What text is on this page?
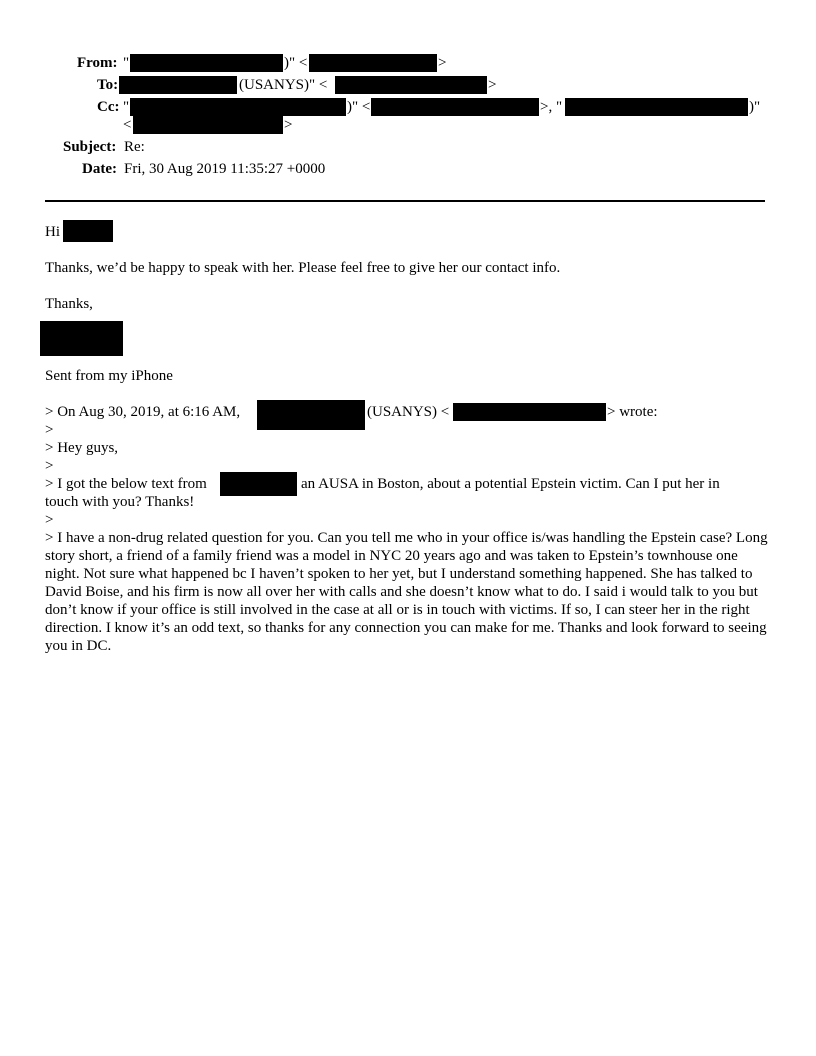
From: "	)" <	>
To:	(USANYS)" <	>
Cc: "	)" <	>, "	)"
<	>
Subject: Re:
Date: Fri, 30 Aug 2019 11:35:27 +0000
Hi
Thanks, we’d be happy to speak with her. Please feel free to give her our contact info.
Thanks,
Sent from my iPhone
> On Aug 30, 2019, at 6:16 AM,	(USANYS) <	> wrote:
>
> Hey guys,
>
> I got the below text from	an AUSA in Boston, about a potential Epstein victim. Can I put her in
touch with you? Thanks!
>
> I have a non-drug related question for you. Can you tell me who in your office is/was handling the Epstein case? Long story short, a friend of a family friend was a model in NYC 20 years ago and was taken to Epstein’s townhouse one night. Not sure what happened bc I haven’t spoken to her yet, but I understand something happened. She has talked to David Boise, and his firm is now all over her with calls and she doesn’t know what to do. I said i would talk to you but don’t know if your office is still involved in the case at all or is in touch with victims. If so, I can steer her in the right direction. I know it’s an odd text, so thanks for any connection you can make for me. Thanks and look forward to seeing you in DC.
